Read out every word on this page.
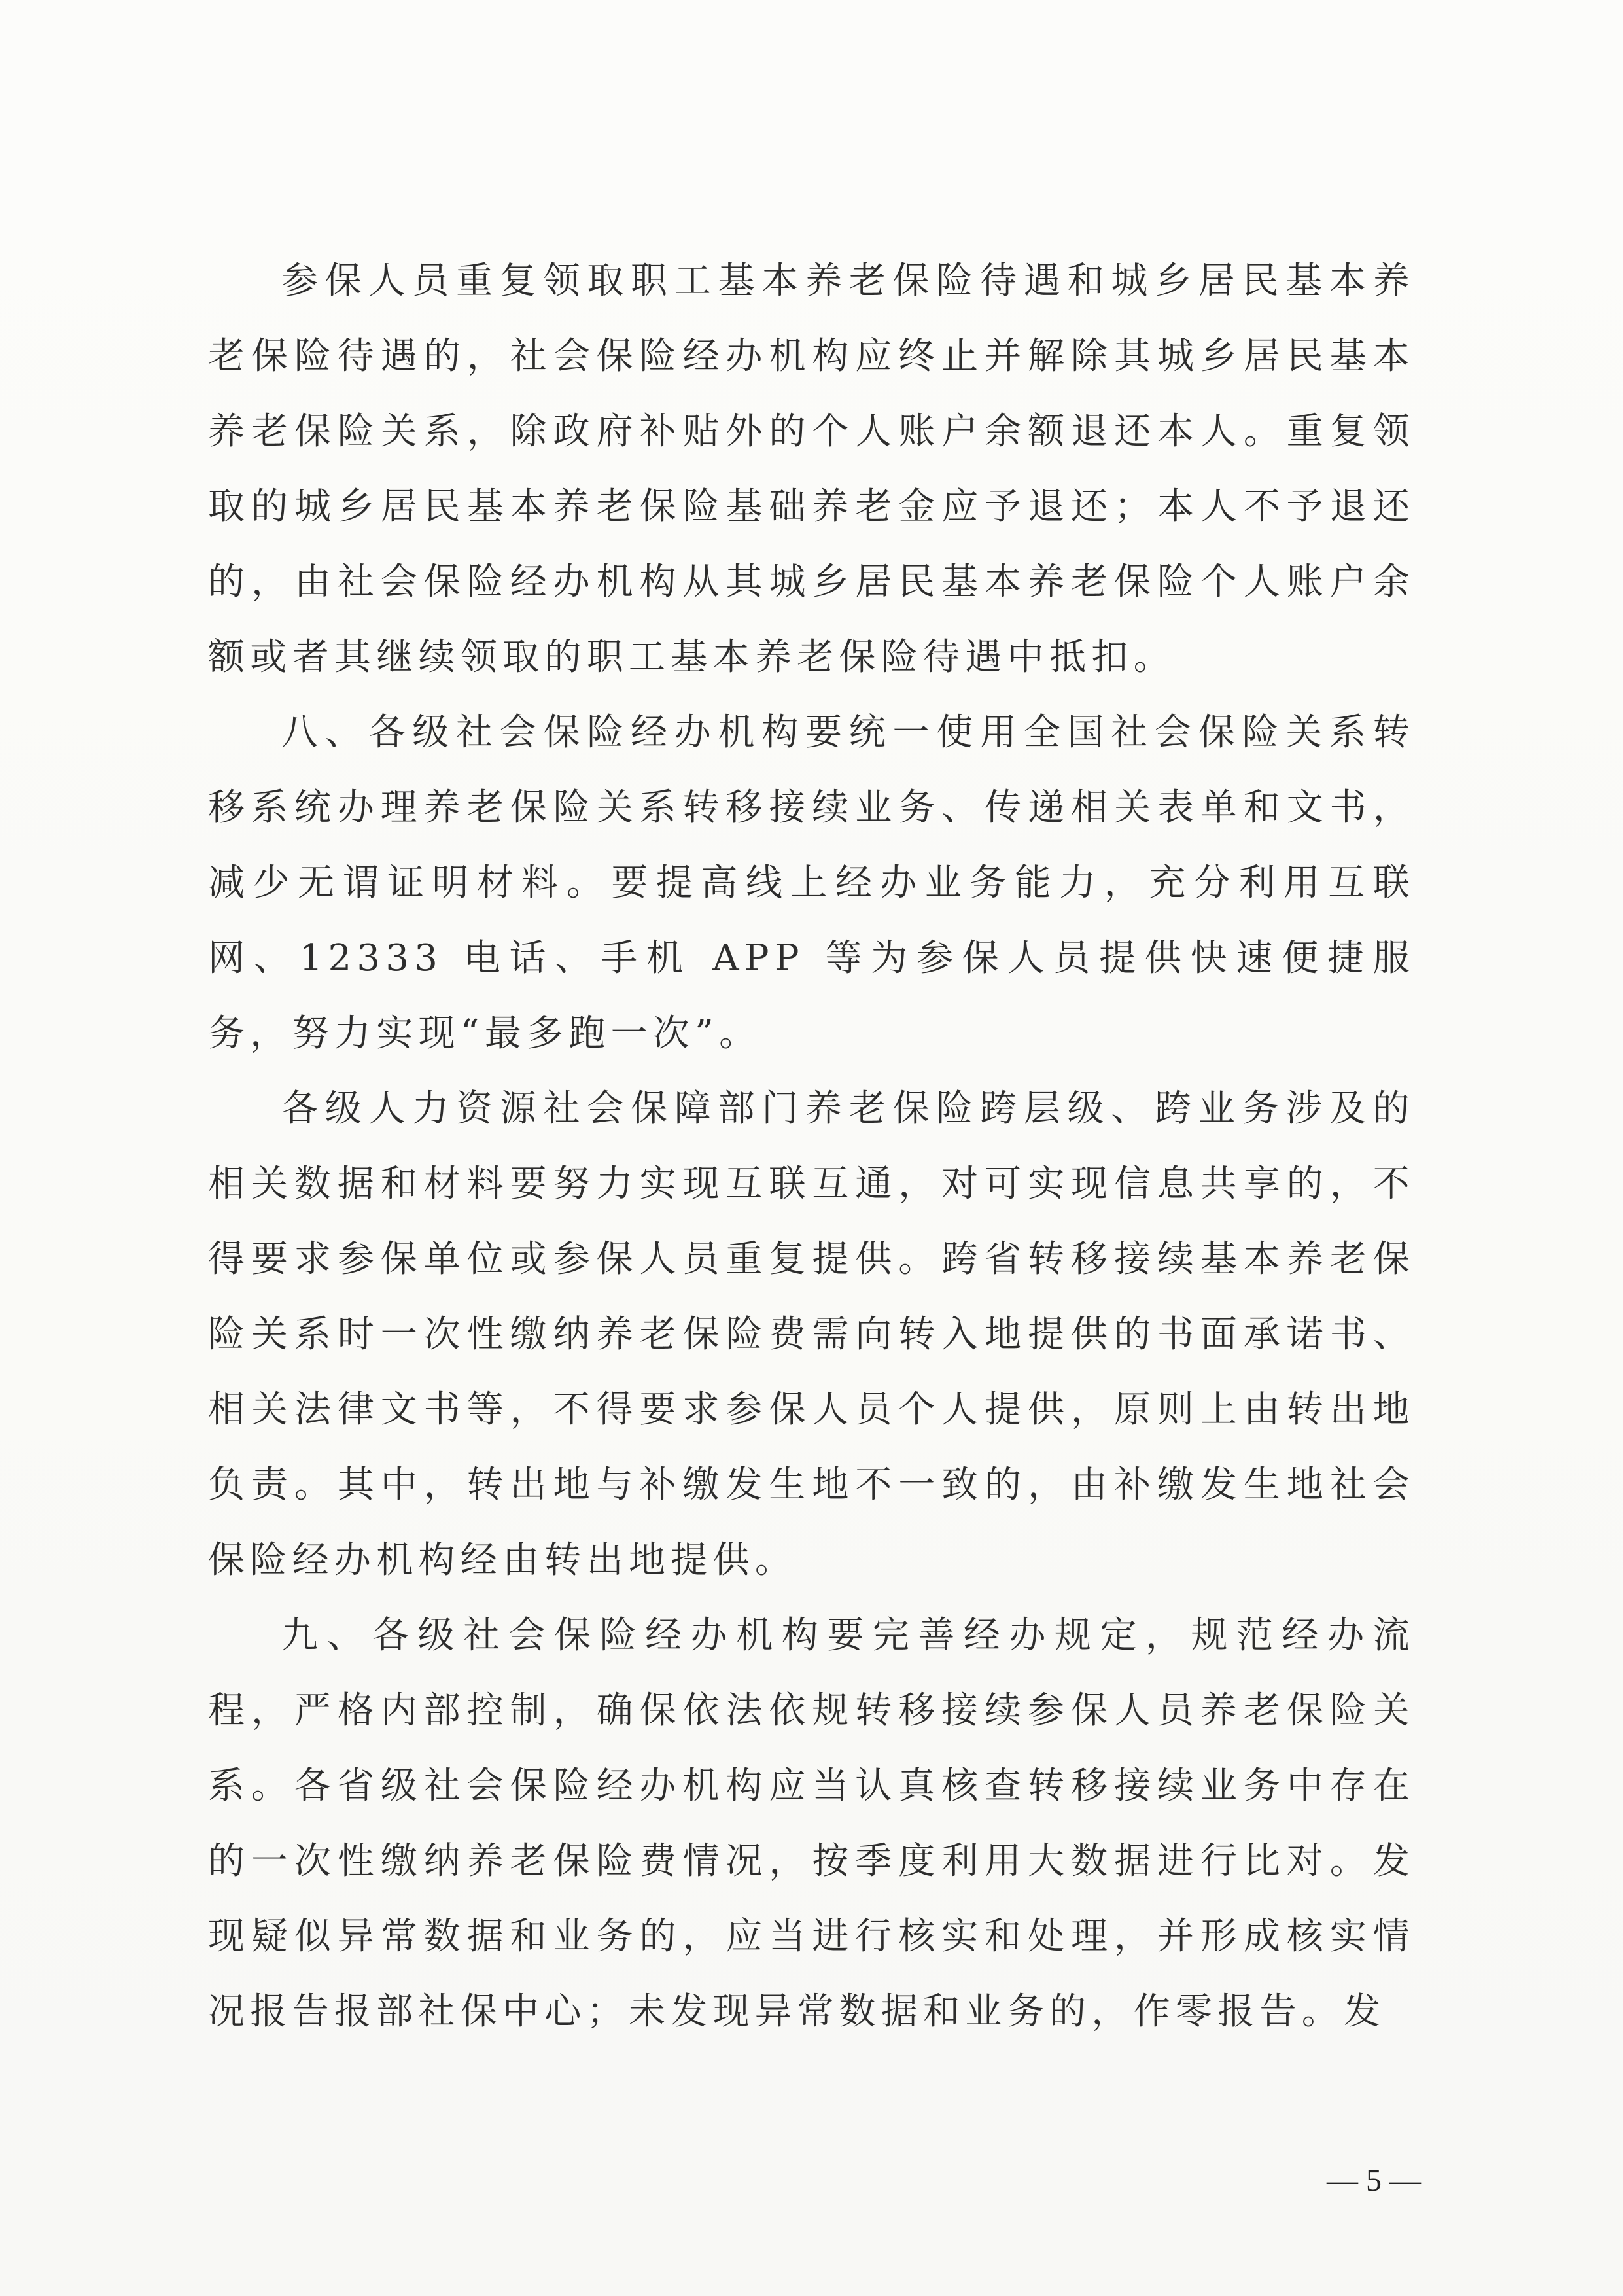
参保人员重复领取职工基本养老保险待遇和城乡居民基本养老保险待遇的，社会保险经办机构应终止并解除其城乡居民基本养老保险关系，除政府补贴外的个人账户余额退还本人。重复领取的城乡居民基本养老保险基础养老金应予退还；本人不予退还的，由社会保险经办机构从其城乡居民基本养老保险个人账户余额或者其继续领取的职工基本养老保险待遇中抵扣。

八、各级社会保险经办机构要统一使用全国社会保险关系转移系统办理养老保险关系转移接续业务、传递相关表单和文书，减少无谓证明材料。要提高线上经办业务能力，充分利用互联网、12333 电话、手机 APP 等为参保人员提供快速便捷服务，努力实现“最多跑一次”。

各级人力资源社会保障部门养老保险跨层级、跨业务涉及的相关数据和材料要努力实现互联互通，对可实现信息共享的，不得要求参保单位或参保人员重复提供。跨省转移接续基本养老保险关系时一次性缴纳养老保险费需向转入地提供的书面承诺书、相关法律文书等，不得要求参保人员个人提供，原则上由转出地负责。其中，转出地与补缴发生地不一致的，由补缴发生地社会保险经办机构经由转出地提供。

九、各级社会保险经办机构要完善经办规定，规范经办流程，严格内部控制，确保依法依规转移接续参保人员养老保险关系。各省级社会保险经办机构应当认真核查转移接续业务中存在的一次性缴纳养老保险费情况，按季度利用大数据进行比对。发现疑似异常数据和业务的，应当进行核实和处理，并形成核实情况报告报部社保中心；未发现异常数据和业务的，作零报告。发

— 5 —
